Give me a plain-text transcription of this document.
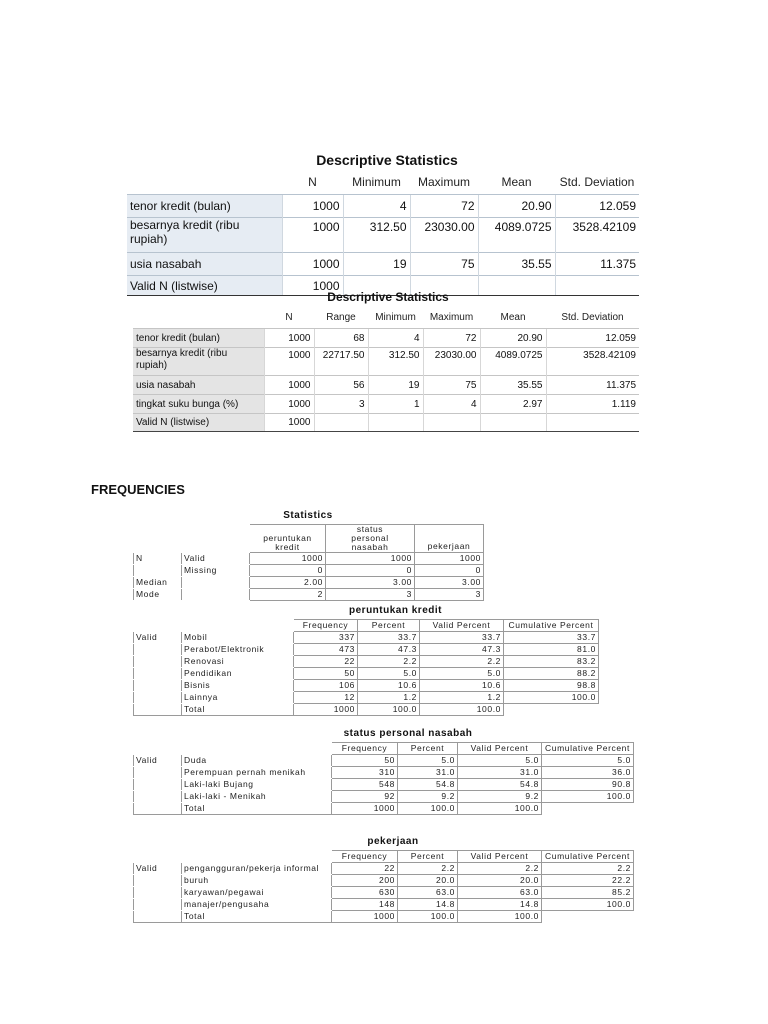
Descriptive Statistics
	N	Minimum	Maximum	Mean	Std. Deviation
tenor kredit (bulan)	1000	4	72	20.90	12.059
besarnya kredit (ribu rupiah)	1000	312.50	23030.00	4089.0725	3528.42109
usia nasabah	1000	19	75	35.55	11.375
Valid N (listwise)	1000				
Descriptive Statistics
	N	Range	Minimum	Maximum	Mean	Std. Deviation
tenor kredit (bulan)	1000	68	4	72	20.90	12.059
besarnya kredit (ribu rupiah)	1000	22717.50	312.50	23030.00	4089.0725	3528.42109
usia nasabah	1000	56	19	75	35.55	11.375
tingkat suku bunga (%)	1000	3	1	4	2.97	1.119
Valid N (listwise)	1000					
FREQUENCIES
Statistics
		peruntukan kredit	status personal nasabah	pekerjaan
N	Valid	1000	1000	1000
	Missing	0	0	0
Median		2.00	3.00	3.00
Mode		2	3	3
peruntukan kredit
		Frequency	Percent	Valid Percent	Cumulative Percent
Valid	Mobil	337	33.7	33.7	33.7
	Perabot/Elektronik	473	47.3	47.3	81.0
	Renovasi	22	2.2	2.2	83.2
	Pendidikan	50	5.0	5.0	88.2
	Bisnis	106	10.6	10.6	98.8
	Lainnya	12	1.2	1.2	100.0
	Total	1000	100.0	100.0	
status personal nasabah
		Frequency	Percent	Valid Percent	Cumulative Percent
Valid	Duda	50	5.0	5.0	5.0
	Perempuan pernah menikah	310	31.0	31.0	36.0
	Laki-laki Bujang	548	54.8	54.8	90.8
	Laki-laki - Menikah	92	9.2	9.2	100.0
	Total	1000	100.0	100.0	
pekerjaan
		Frequency	Percent	Valid Percent	Cumulative Percent
Valid	pengangguran/pekerja informal	22	2.2	2.2	2.2
	buruh	200	20.0	20.0	22.2
	karyawan/pegawai	630	63.0	63.0	85.2
	manajer/pengusaha	148	14.8	14.8	100.0
	Total	1000	100.0	100.0	
